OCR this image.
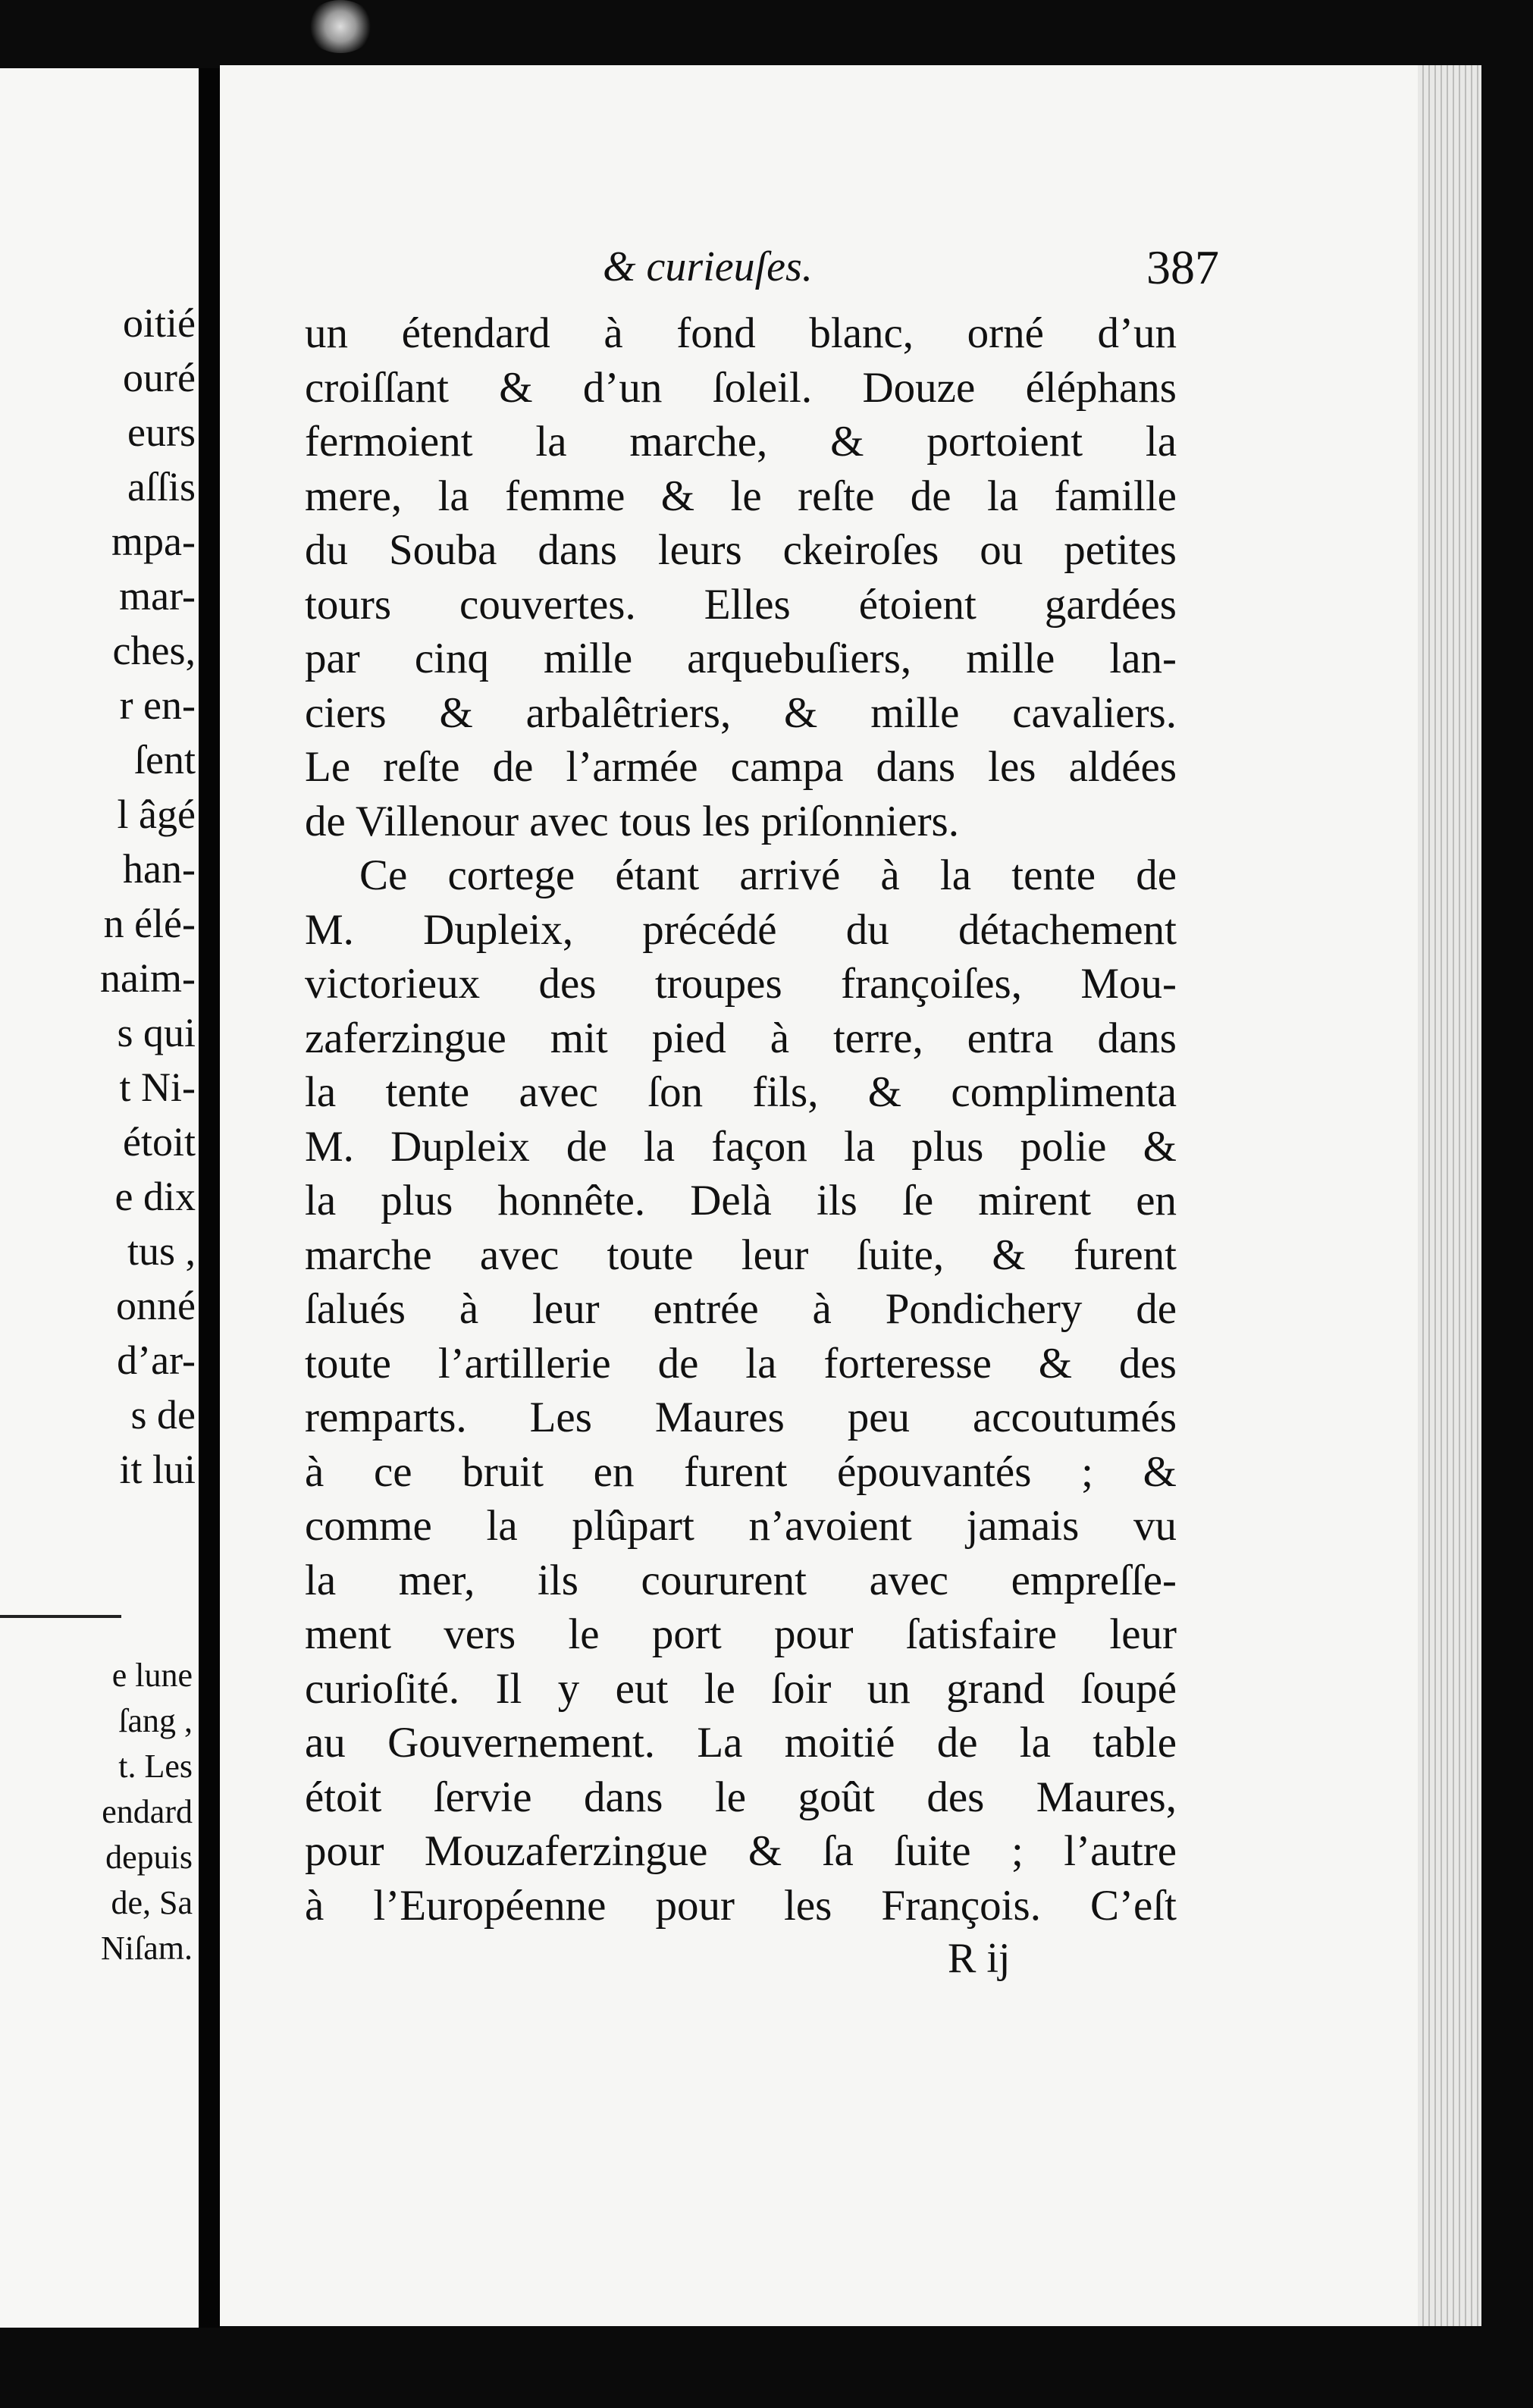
oitié
ouré
eurs
aſſis
mpa-
mar-
ches,
r en-
ſent
l âgé
han-
n élé-
naim-
s qui
t Ni-
étoit
e dix
tus ,
onné
d’ar-
s de
it lui
e lune
ſang ,
t. Les
endard
depuis
de, Sa
Niſam.
& curieuſes.	387
un étendard à fond blanc, orné d’un
croiſſant & d’un ſoleil. Douze éléphans
fermoient la marche, & portoient la
mere, la femme & le reſte de la famille
du Souba dans leurs ckeiroſes ou petites
tours couvertes. Elles étoient gardées
par cinq mille arquebuſiers, mille lan-
ciers & arbalêtriers, & mille cavaliers.
Le reſte de l’armée campa dans les aldées
de Villenour avec tous les priſonniers.
Ce cortege étant arrivé à la tente de
M. Dupleix, précédé du détachement
victorieux des troupes françoiſes, Mou-
zaferzingue mit pied à terre, entra dans
la tente avec ſon fils, & complimenta
M. Dupleix de la façon la plus polie &
la plus honnête. Delà ils ſe mirent en
marche avec toute leur ſuite, & furent
ſalués à leur entrée à Pondichery de
toute l’artillerie de la forteresse & des
remparts. Les Maures peu accoutumés
à ce bruit en furent épouvantés ; &
comme la plûpart n’avoient jamais vu
la mer, ils coururent avec empreſſe-
ment vers le port pour ſatisfaire leur
curioſité. Il y eut le ſoir un grand ſoupé
au Gouvernement. La moitié de la table
étoit ſervie dans le goût des Maures,
pour Mouzaferzingue & ſa ſuite ; l’autre
à l’Européenne pour les François. C’eſt
R ij
